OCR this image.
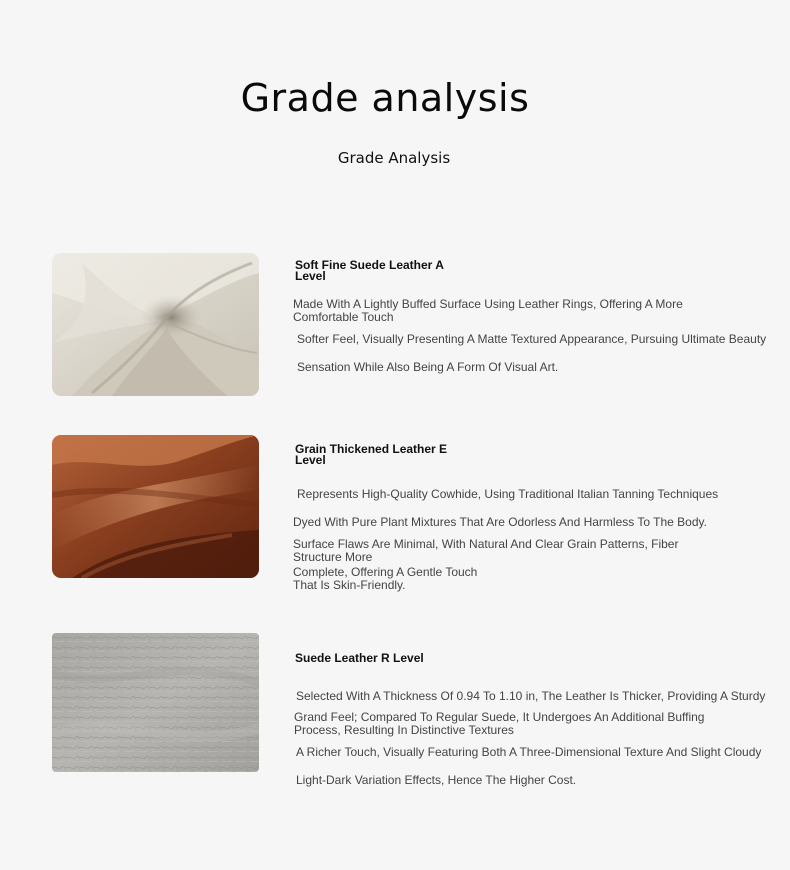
Grade analysis
Grade Analysis
Soft Fine Suede Leather A Level
Made With A Lightly Buffed Surface Using Leather Rings, Offering A More Comfortable Touch
Softer Feel, Visually Presenting A Matte Textured Appearance, Pursuing Ultimate Beauty
Sensation While Also Being A Form Of Visual Art.
Grain Thickened Leather E Level
Represents High-Quality Cowhide, Using Traditional Italian Tanning Techniques
Dyed With Pure Plant Mixtures That Are Odorless And Harmless To The Body.
Surface Flaws Are Minimal, With Natural And Clear Grain Patterns, Fiber Structure More
Complete, Offering A Gentle Touch That Is Skin-Friendly.
Suede Leather R Level
Selected With A Thickness Of 0.94 To 1.10 in, The Leather Is Thicker, Providing A Sturdy
Grand Feel; Compared To Regular Suede, It Undergoes An Additional Buffing Process, Resulting In Distinctive Textures
A Richer Touch, Visually Featuring Both A Three-Dimensional Texture And Slight Cloudy
Light-Dark Variation Effects, Hence The Higher Cost.
